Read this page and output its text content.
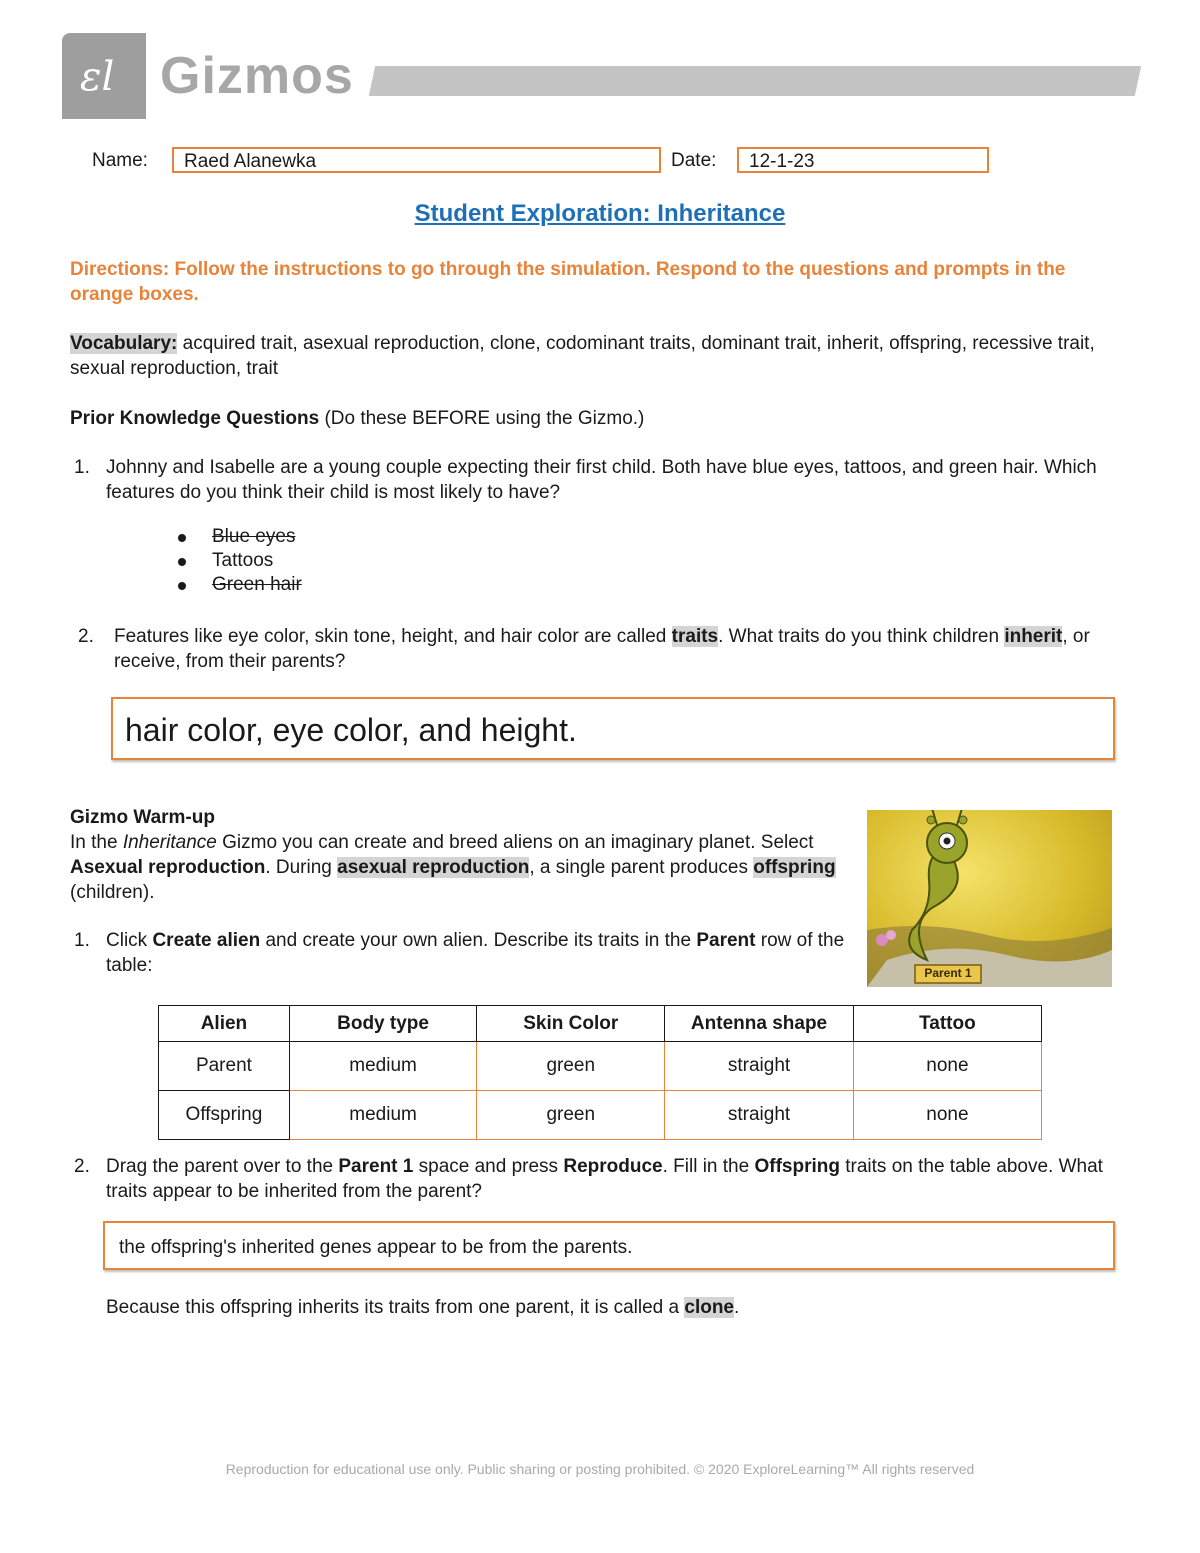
ɛl Gizmos
Name:	Raed Alanewka	Date:	12-1-23
Student Exploration: Inheritance
Directions: Follow the instructions to go through the simulation. Respond to the questions and prompts in the orange boxes.
Vocabulary: acquired trait, asexual reproduction, clone, codominant traits, dominant trait, inherit, offspring, recessive trait, sexual reproduction, trait
Prior Knowledge Questions (Do these BEFORE using the Gizmo.)
1. Johnny and Isabelle are a young couple expecting their first child. Both have blue eyes, tattoos, and green hair. Which features do you think their child is most likely to have?
Blue eyes
Tattoos
Green hair
2. Features like eye color, skin tone, height, and hair color are called traits. What traits do you think children inherit, or receive, from their parents?
hair color, eye color, and height.
Gizmo Warm-up
In the Inheritance Gizmo you can create and breed aliens on an imaginary planet. Select Asexual reproduction. During asexual reproduction, a single parent produces offspring (children).
Parent 1
1. Click Create alien and create your own alien. Describe its traits in the Parent row of the table:
Alien	Body type	Skin Color	Antenna shape	Tattoo
Parent	medium	green	straight	none
Offspring	medium	green	straight	none
2. Drag the parent over to the Parent 1 space and press Reproduce. Fill in the Offspring traits on the table above. What traits appear to be inherited from the parent?
the offspring's inherited genes appear to be from the parents.
Because this offspring inherits its traits from one parent, it is called a clone.
Reproduction for educational use only. Public sharing or posting prohibited. © 2020 ExploreLearning™ All rights reserved
